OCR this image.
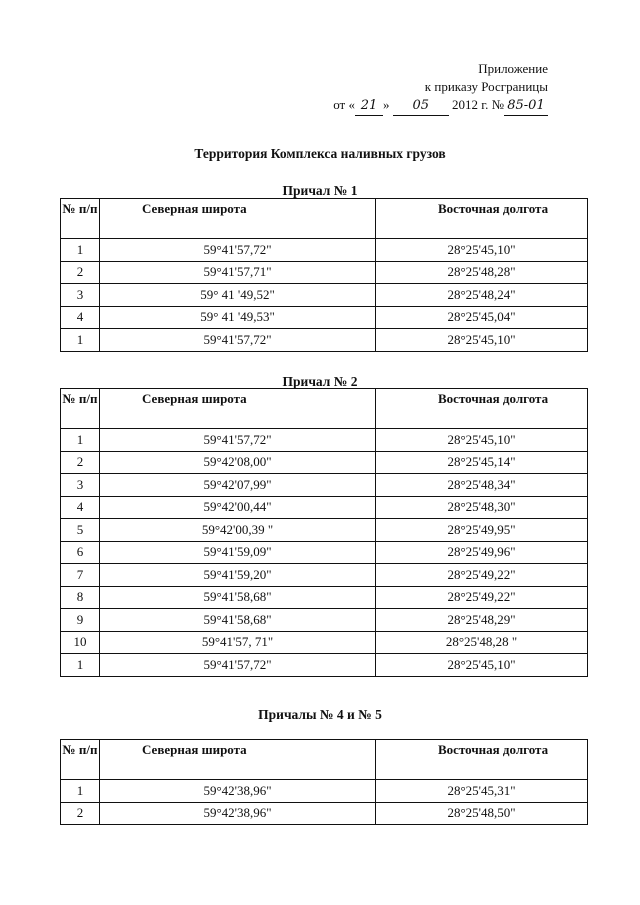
Приложение
к приказу Росграницы
от « 21 » 05 2012 г. № 85-01
Территория Комплекса наливных грузов
Причал № 1
№ п/п	Северная широта	Восточная долгота
1	59°41'57,72"	28°25'45,10"
2	59°41'57,71"	28°25'48,28"
3	59° 41 '49,52"	28°25'48,24"
4	59° 41 '49,53"	28°25'45,04"
1	59°41'57,72"	28°25'45,10"
Причал № 2
№ п/п	Северная широта	Восточная долгота
1	59°41'57,72"	28°25'45,10"
2	59°42'08,00"	28°25'45,14"
3	59°42'07,99"	28°25'48,34"
4	59°42'00,44"	28°25'48,30"
5	59°42'00,39 "	28°25'49,95"
6	59°41'59,09"	28°25'49,96"
7	59°41'59,20"	28°25'49,22"
8	59°41'58,68"	28°25'49,22"
9	59°41'58,68"	28°25'48,29"
10	59°41'57, 71"	28°25'48,28 "
1	59°41'57,72"	28°25'45,10"
Причалы № 4 и № 5
№ п/п	Северная широта	Восточная долгота
1	59°42'38,96"	28°25'45,31"
2	59°42'38,96"	28°25'48,50"
